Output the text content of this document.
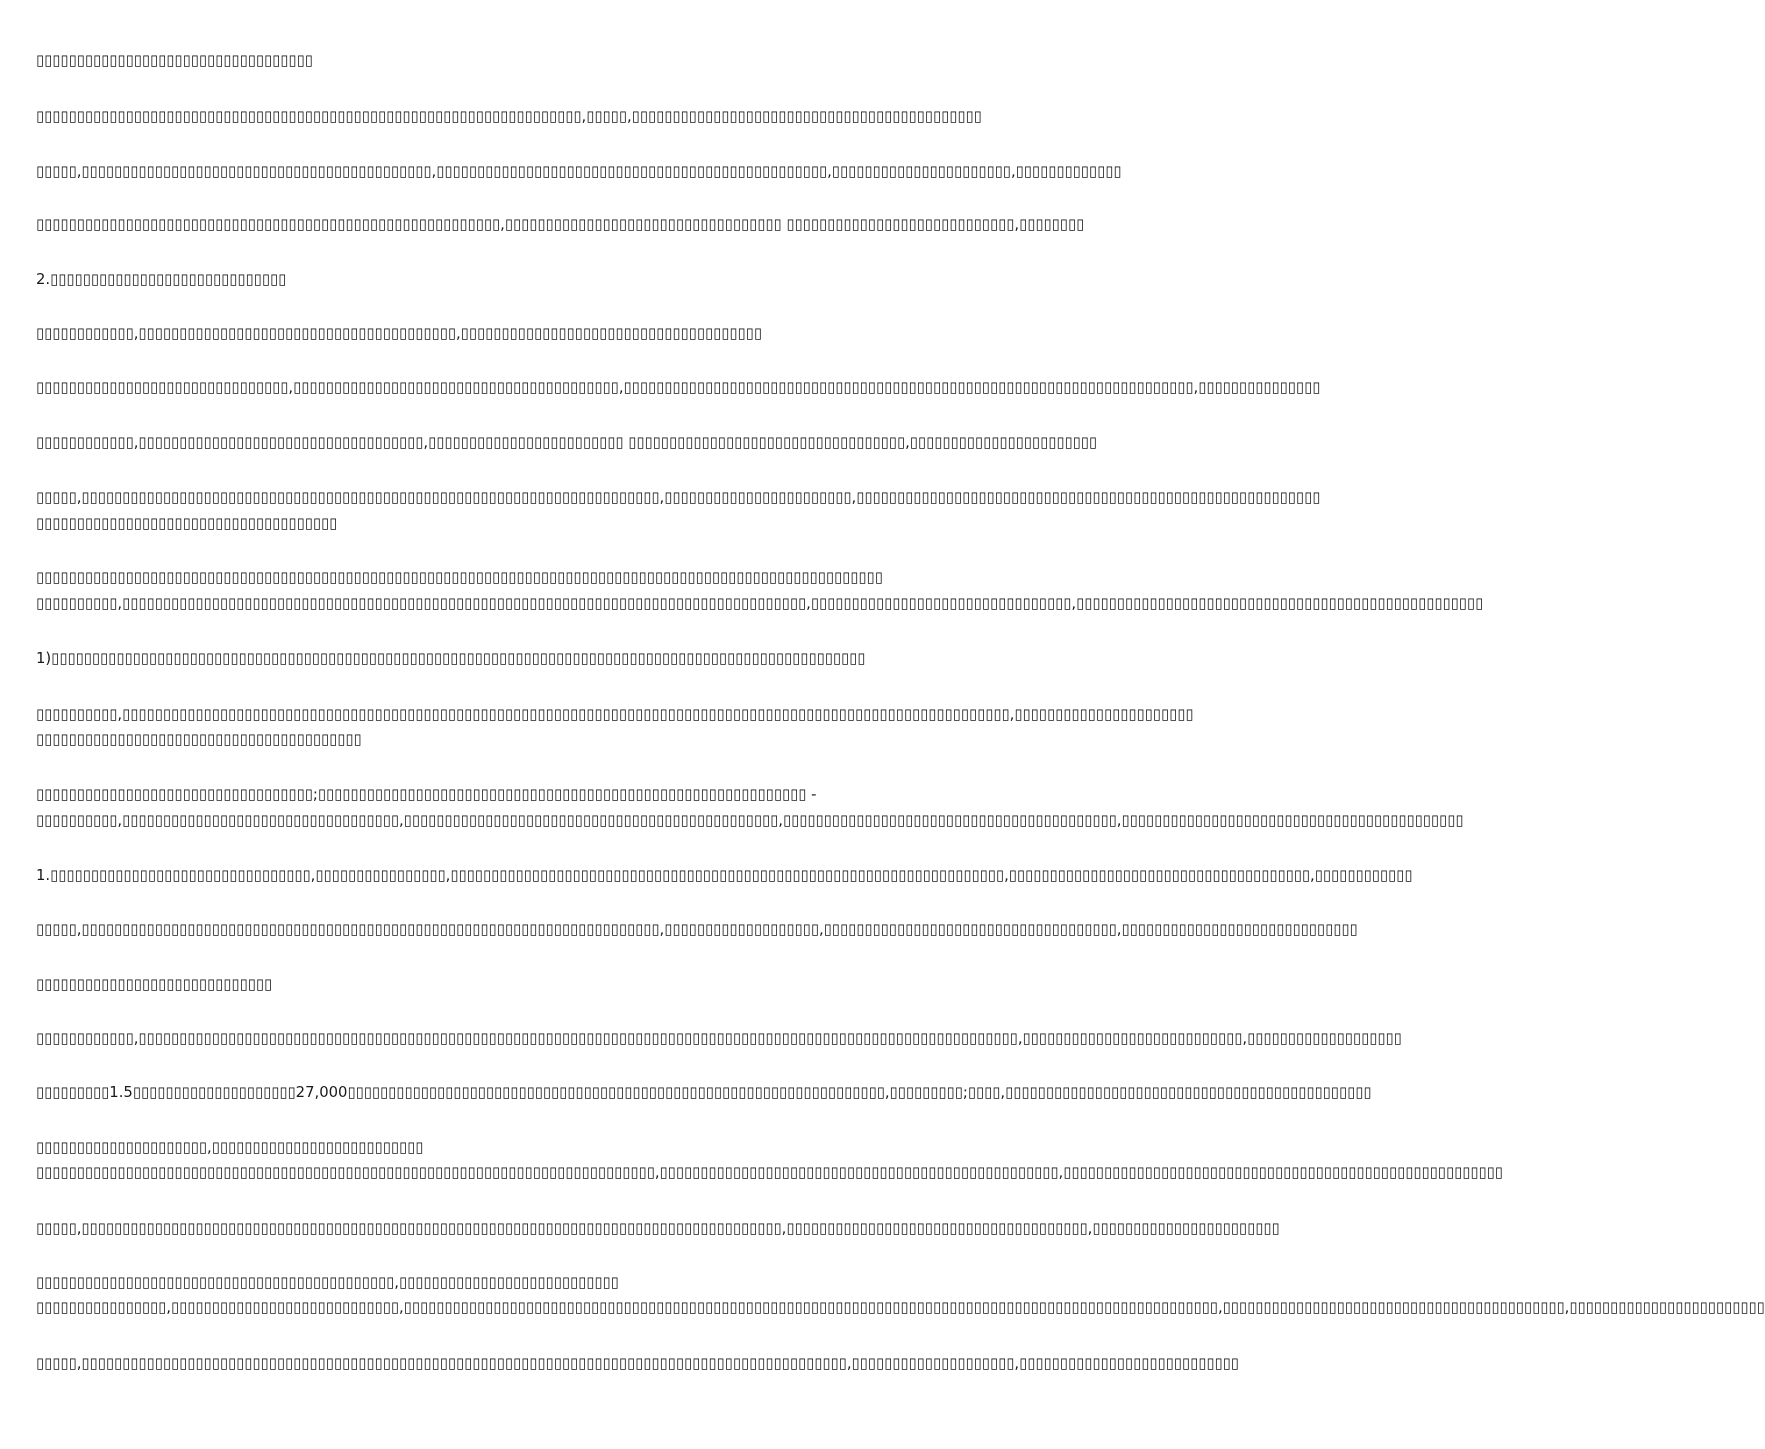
▯▯▯▯▯▯▯▯▯▯▯▯▯▯▯▯▯▯▯▯▯▯▯▯▯▯▯▯▯▯▯▯▯▯
▯▯▯▯▯▯▯▯▯▯▯▯▯▯▯▯▯▯▯▯▯▯▯▯▯▯▯▯▯▯▯▯▯▯▯▯▯▯▯▯▯▯▯▯▯▯▯▯▯▯▯▯▯▯▯▯▯▯▯▯▯▯▯▯▯▯▯,▯▯▯▯▯,▯▯▯▯▯▯▯▯▯▯▯▯▯▯▯▯▯▯▯▯▯▯▯▯▯▯▯▯▯▯▯▯▯▯▯▯▯▯▯▯▯▯▯
▯▯▯▯▯,▯▯▯▯▯▯▯▯▯▯▯▯▯▯▯▯▯▯▯▯▯▯▯▯▯▯▯▯▯▯▯▯▯▯▯▯▯▯▯▯▯▯▯,▯▯▯▯▯▯▯▯▯▯▯▯▯▯▯▯▯▯▯▯▯▯▯▯▯▯▯▯▯▯▯▯▯▯▯▯▯▯▯▯▯▯▯▯▯▯▯▯,▯▯▯▯▯▯▯▯▯▯▯▯▯▯▯▯▯▯▯▯▯▯,▯▯▯▯▯▯▯▯▯▯▯▯▯
▯▯▯▯▯▯▯▯▯▯▯▯▯▯▯▯▯▯▯▯▯▯▯▯▯▯▯▯▯▯▯▯▯▯▯▯▯▯▯▯▯▯▯▯▯▯▯▯▯▯▯▯▯▯▯▯▯,▯▯▯▯▯▯▯▯▯▯▯▯▯▯▯▯▯▯▯▯▯▯▯▯▯▯▯▯▯▯▯▯▯▯ ▯▯▯▯▯▯▯▯▯▯▯▯▯▯▯▯▯▯▯▯▯▯▯▯▯▯▯▯,▯▯▯▯▯▯▯▯
2.▯▯▯▯▯▯▯▯▯▯▯▯▯▯▯▯▯▯▯▯▯▯▯▯▯▯▯▯▯
▯▯▯▯▯▯▯▯▯▯▯▯,▯▯▯▯▯▯▯▯▯▯▯▯▯▯▯▯▯▯▯▯▯▯▯▯▯▯▯▯▯▯▯▯▯▯▯▯▯▯▯,▯▯▯▯▯▯▯▯▯▯▯▯▯▯▯▯▯▯▯▯▯▯▯▯▯▯▯▯▯▯▯▯▯▯▯▯▯
▯▯▯▯▯▯▯▯▯▯▯▯▯▯▯▯▯▯▯▯▯▯▯▯▯▯▯▯▯▯▯,▯▯▯▯▯▯▯▯▯▯▯▯▯▯▯▯▯▯▯▯▯▯▯▯▯▯▯▯▯▯▯▯▯▯▯▯▯▯▯▯,▯▯▯▯▯▯▯▯▯▯▯▯▯▯▯▯▯▯▯▯▯▯▯▯▯▯▯▯▯▯▯▯▯▯▯▯▯▯▯▯▯▯▯▯▯▯▯▯▯▯▯▯▯▯▯▯▯▯▯▯▯▯▯▯▯▯▯▯▯▯,▯▯▯▯▯▯▯▯▯▯▯▯▯▯▯
▯▯▯▯▯▯▯▯▯▯▯▯,▯▯▯▯▯▯▯▯▯▯▯▯▯▯▯▯▯▯▯▯▯▯▯▯▯▯▯▯▯▯▯▯▯▯▯,▯▯▯▯▯▯▯▯▯▯▯▯▯▯▯▯▯▯▯▯▯▯▯▯ ▯▯▯▯▯▯▯▯▯▯▯▯▯▯▯▯▯▯▯▯▯▯▯▯▯▯▯▯▯▯▯▯▯▯,▯▯▯▯▯▯▯▯▯▯▯▯▯▯▯▯▯▯▯▯▯▯▯
▯▯▯▯▯,▯▯▯▯▯▯▯▯▯▯▯▯▯▯▯▯▯▯▯▯▯▯▯▯▯▯▯▯▯▯▯▯▯▯▯▯▯▯▯▯▯▯▯▯▯▯▯▯▯▯▯▯▯▯▯▯▯▯▯▯▯▯▯▯▯▯▯▯▯▯▯,▯▯▯▯▯▯▯▯▯▯▯▯▯▯▯▯▯▯▯▯▯▯▯,▯▯▯▯▯▯▯▯▯▯▯▯▯▯▯▯▯▯▯▯▯▯▯▯▯▯▯▯▯▯▯▯▯▯▯▯▯▯▯▯▯▯▯▯▯▯▯▯▯▯▯▯▯▯▯▯▯
▯▯▯▯▯▯▯▯▯▯▯▯▯▯▯▯▯▯▯▯▯▯▯▯▯▯▯▯▯▯▯▯▯▯▯▯▯
▯▯▯▯▯▯▯▯▯▯▯▯▯▯▯▯▯▯▯▯▯▯▯▯▯▯▯▯▯▯▯▯▯▯▯▯▯▯▯▯▯▯▯▯▯▯▯▯▯▯▯▯▯▯▯▯▯▯▯▯▯▯▯▯▯▯▯▯▯▯▯▯▯▯▯▯▯▯▯▯▯▯▯▯▯▯▯▯▯▯▯▯▯▯▯▯▯▯▯▯▯▯▯▯
▯▯▯▯▯▯▯▯▯▯,▯▯▯▯▯▯▯▯▯▯▯▯▯▯▯▯▯▯▯▯▯▯▯▯▯▯▯▯▯▯▯▯▯▯▯▯▯▯▯▯▯▯▯▯▯▯▯▯▯▯▯▯▯▯▯▯▯▯▯▯▯▯▯▯▯▯▯▯▯▯▯▯▯▯▯▯▯▯▯▯▯▯▯▯,▯▯▯▯▯▯▯▯▯▯▯▯▯▯▯▯▯▯▯▯▯▯▯▯▯▯▯▯▯▯▯▯,▯▯▯▯▯▯▯▯▯▯▯▯▯▯▯▯▯▯▯▯▯▯▯▯▯▯▯▯▯▯▯▯▯▯▯▯▯▯▯▯▯▯▯▯▯▯▯▯▯▯
1)▯▯▯▯▯▯▯▯▯▯▯▯▯▯▯▯▯▯▯▯▯▯▯▯▯▯▯▯▯▯▯▯▯▯▯▯▯▯▯▯▯▯▯▯▯▯▯▯▯▯▯▯▯▯▯▯▯▯▯▯▯▯▯▯▯▯▯▯▯▯▯▯▯▯▯▯▯▯▯▯▯▯▯▯▯▯▯▯▯▯▯▯▯▯▯▯▯▯▯▯
▯▯▯▯▯▯▯▯▯▯,▯▯▯▯▯▯▯▯▯▯▯▯▯▯▯▯▯▯▯▯▯▯▯▯▯▯▯▯▯▯▯▯▯▯▯▯▯▯▯▯▯▯▯▯▯▯▯▯▯▯▯▯▯▯▯▯▯▯▯▯▯▯▯▯▯▯▯▯▯▯▯▯▯▯▯▯▯▯▯▯▯▯▯▯▯▯▯▯▯▯▯▯▯▯▯▯▯▯▯▯▯▯▯▯▯▯▯▯▯,▯▯▯▯▯▯▯▯▯▯▯▯▯▯▯▯▯▯▯▯▯▯
▯▯▯▯▯▯▯▯▯▯▯▯▯▯▯▯▯▯▯▯▯▯▯▯▯▯▯▯▯▯▯▯▯▯▯▯▯▯▯▯
▯▯▯▯▯▯▯▯▯▯▯▯▯▯▯▯▯▯▯▯▯▯▯▯▯▯▯▯▯▯▯▯▯▯;▯▯▯▯▯▯▯▯▯▯▯▯▯▯▯▯▯▯▯▯▯▯▯▯▯▯▯▯▯▯▯▯▯▯▯▯▯▯▯▯▯▯▯▯▯▯▯▯▯▯▯▯▯▯▯▯▯▯▯▯ -
▯▯▯▯▯▯▯▯▯▯,▯▯▯▯▯▯▯▯▯▯▯▯▯▯▯▯▯▯▯▯▯▯▯▯▯▯▯▯▯▯▯▯▯▯,▯▯▯▯▯▯▯▯▯▯▯▯▯▯▯▯▯▯▯▯▯▯▯▯▯▯▯▯▯▯▯▯▯▯▯▯▯▯▯▯▯▯▯▯▯▯,▯▯▯▯▯▯▯▯▯▯▯▯▯▯▯▯▯▯▯▯▯▯▯▯▯▯▯▯▯▯▯▯▯▯▯▯▯▯▯▯▯,▯▯▯▯▯▯▯▯▯▯▯▯▯▯▯▯▯▯▯▯▯▯▯▯▯▯▯▯▯▯▯▯▯▯▯▯▯▯▯▯▯▯
1.▯▯▯▯▯▯▯▯▯▯▯▯▯▯▯▯▯▯▯▯▯▯▯▯▯▯▯▯▯▯▯▯,▯▯▯▯▯▯▯▯▯▯▯▯▯▯▯▯,▯▯▯▯▯▯▯▯▯▯▯▯▯▯▯▯▯▯▯▯▯▯▯▯▯▯▯▯▯▯▯▯▯▯▯▯▯▯▯▯▯▯▯▯▯▯▯▯▯▯▯▯▯▯▯▯▯▯▯▯▯▯▯▯▯▯▯▯,▯▯▯▯▯▯▯▯▯▯▯▯▯▯▯▯▯▯▯▯▯▯▯▯▯▯▯▯▯▯▯▯▯▯▯▯▯,▯▯▯▯▯▯▯▯▯▯▯▯
▯▯▯▯▯,▯▯▯▯▯▯▯▯▯▯▯▯▯▯▯▯▯▯▯▯▯▯▯▯▯▯▯▯▯▯▯▯▯▯▯▯▯▯▯▯▯▯▯▯▯▯▯▯▯▯▯▯▯▯▯▯▯▯▯▯▯▯▯▯▯▯▯▯▯▯▯,▯▯▯▯▯▯▯▯▯▯▯▯▯▯▯▯▯▯▯,▯▯▯▯▯▯▯▯▯▯▯▯▯▯▯▯▯▯▯▯▯▯▯▯▯▯▯▯▯▯▯▯▯▯▯▯,▯▯▯▯▯▯▯▯▯▯▯▯▯▯▯▯▯▯▯▯▯▯▯▯▯▯▯▯▯
▯▯▯▯▯▯▯▯▯▯▯▯▯▯▯▯▯▯▯▯▯▯▯▯▯▯▯▯▯
▯▯▯▯▯▯▯▯▯▯▯▯,▯▯▯▯▯▯▯▯▯▯▯▯▯▯▯▯▯▯▯▯▯▯▯▯▯▯▯▯▯▯▯▯▯▯▯▯▯▯▯▯▯▯▯▯▯▯▯▯▯▯▯▯▯▯▯▯▯▯▯▯▯▯▯▯▯▯▯▯▯▯▯▯▯▯▯▯▯▯▯▯▯▯▯▯▯▯▯▯▯▯▯▯▯▯▯▯▯▯▯▯▯▯▯▯▯▯▯▯,▯▯▯▯▯▯▯▯▯▯▯▯▯▯▯▯▯▯▯▯▯▯▯▯▯▯▯,▯▯▯▯▯▯▯▯▯▯▯▯▯▯▯▯▯▯▯
▯▯▯▯▯▯▯▯▯1.5▯▯▯▯▯▯▯▯▯▯▯▯▯▯▯▯▯▯▯▯27,000▯▯▯▯▯▯▯▯▯▯▯▯▯▯▯▯▯▯▯▯▯▯▯▯▯▯▯▯▯▯▯▯▯▯▯▯▯▯▯▯▯▯▯▯▯▯▯▯▯▯▯▯▯▯▯▯▯▯▯▯▯▯▯▯▯▯,▯▯▯▯▯▯▯▯▯;▯▯▯▯,▯▯▯▯▯▯▯▯▯▯▯▯▯▯▯▯▯▯▯▯▯▯▯▯▯▯▯▯▯▯▯▯▯▯▯▯▯▯▯▯▯▯▯▯▯
▯▯▯▯▯▯▯▯▯▯▯▯▯▯▯▯▯▯▯▯▯,▯▯▯▯▯▯▯▯▯▯▯▯▯▯▯▯▯▯▯▯▯▯▯▯▯▯
▯▯▯▯▯▯▯▯▯▯▯▯▯▯▯▯▯▯▯▯▯▯▯▯▯▯▯▯▯▯▯▯▯▯▯▯▯▯▯▯▯▯▯▯▯▯▯▯▯▯▯▯▯▯▯▯▯▯▯▯▯▯▯▯▯▯▯▯▯▯▯▯▯▯▯▯,▯▯▯▯▯▯▯▯▯▯▯▯▯▯▯▯▯▯▯▯▯▯▯▯▯▯▯▯▯▯▯▯▯▯▯▯▯▯▯▯▯▯▯▯▯▯▯▯▯,▯▯▯▯▯▯▯▯▯▯▯▯▯▯▯▯▯▯▯▯▯▯▯▯▯▯▯▯▯▯▯▯▯▯▯▯▯▯▯▯▯▯▯▯▯▯▯▯▯▯▯▯▯▯
▯▯▯▯▯,▯▯▯▯▯▯▯▯▯▯▯▯▯▯▯▯▯▯▯▯▯▯▯▯▯▯▯▯▯▯▯▯▯▯▯▯▯▯▯▯▯▯▯▯▯▯▯▯▯▯▯▯▯▯▯▯▯▯▯▯▯▯▯▯▯▯▯▯▯▯▯▯▯▯▯▯▯▯▯▯▯▯▯▯▯▯,▯▯▯▯▯▯▯▯▯▯▯▯▯▯▯▯▯▯▯▯▯▯▯▯▯▯▯▯▯▯▯▯▯▯▯▯▯,▯▯▯▯▯▯▯▯▯▯▯▯▯▯▯▯▯▯▯▯▯▯▯
▯▯▯▯▯▯▯▯▯▯▯▯▯▯▯▯▯▯▯▯▯▯▯▯▯▯▯▯▯▯▯▯▯▯▯▯▯▯▯▯▯▯▯▯,▯▯▯▯▯▯▯▯▯▯▯▯▯▯▯▯▯▯▯▯▯▯▯▯▯▯▯
▯▯▯▯▯▯▯▯▯▯▯▯▯▯▯▯,▯▯▯▯▯▯▯▯▯▯▯▯▯▯▯▯▯▯▯▯▯▯▯▯▯▯▯▯,▯▯▯▯▯▯▯▯▯▯▯▯▯▯▯▯▯▯▯▯▯▯▯▯▯▯▯▯▯▯▯▯▯▯▯▯▯▯▯▯▯▯▯▯▯▯▯▯▯▯▯▯▯▯▯▯▯▯▯▯▯▯▯▯▯▯▯▯▯▯▯▯▯▯▯▯▯▯▯▯▯▯▯▯▯▯▯▯▯▯▯▯▯▯▯▯▯▯▯▯,▯▯▯▯▯▯▯▯▯▯▯▯▯▯▯▯▯▯▯▯▯▯▯▯▯▯▯▯▯▯▯▯▯▯▯▯▯▯▯▯▯▯,▯▯▯▯▯▯▯▯▯▯▯▯▯▯▯▯▯▯▯▯▯▯▯▯
▯▯▯▯▯,▯▯▯▯▯▯▯▯▯▯▯▯▯▯▯▯▯▯▯▯▯▯▯▯▯▯▯▯▯▯▯▯▯▯▯▯▯▯▯▯▯▯▯▯▯▯▯▯▯▯▯▯▯▯▯▯▯▯▯▯▯▯▯▯▯▯▯▯▯▯▯▯▯▯▯▯▯▯▯▯▯▯▯▯▯▯▯▯▯▯▯▯▯▯,▯▯▯▯▯▯▯▯▯▯▯▯▯▯▯▯▯▯▯▯,▯▯▯▯▯▯▯▯▯▯▯▯▯▯▯▯▯▯▯▯▯▯▯▯▯▯▯
